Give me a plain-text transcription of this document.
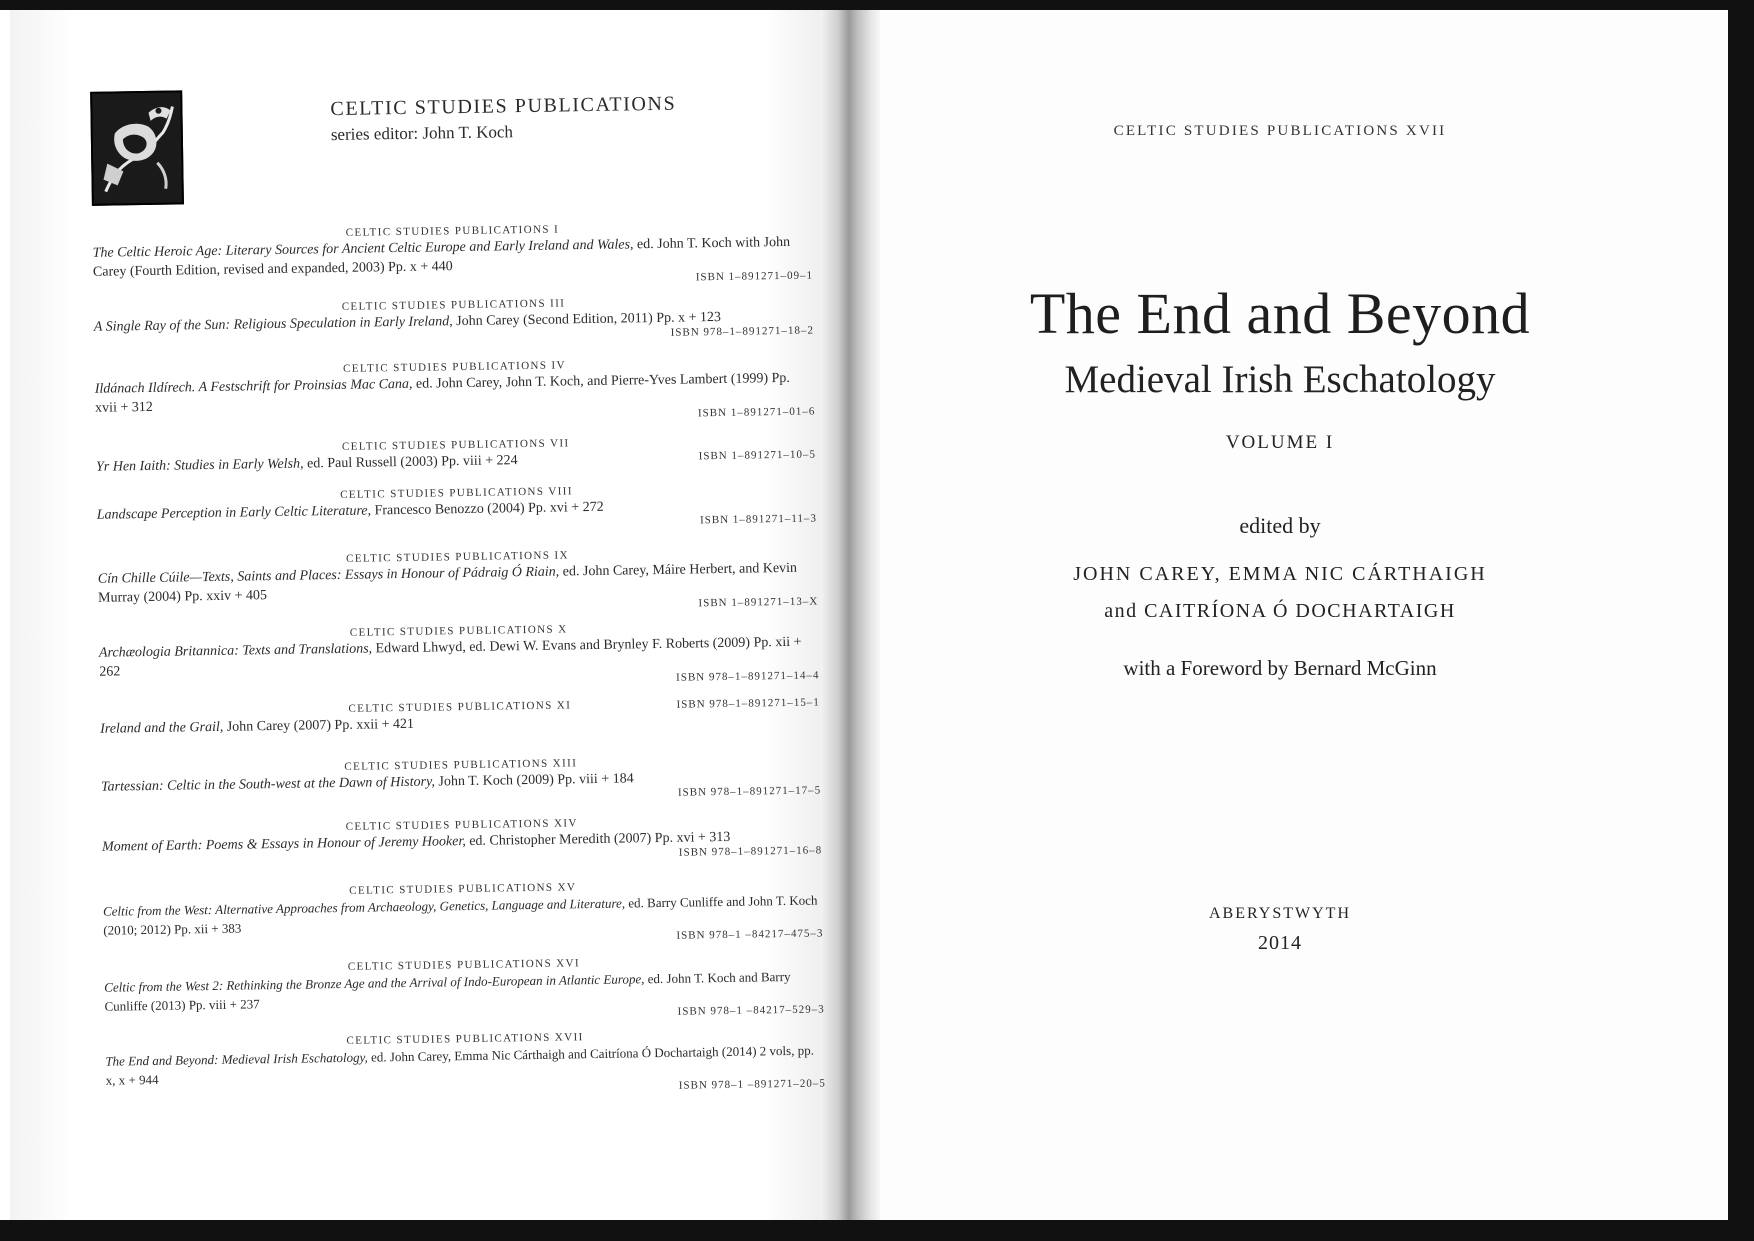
CELTIC STUDIES PUBLICATIONS

series editor: John T. Koch
CELTIC STUDIES PUBLICATIONS I
The Celtic Heroic Age: Literary Sources for Ancient Celtic Europe and Early Ireland and Wales, ed. John T. Koch with John Carey (Fourth Edition, revised and expanded, 2003) Pp. x + 440	ISBN 1–891271–09–1
CELTIC STUDIES PUBLICATIONS III
A Single Ray of the Sun: Religious Speculation in Early Ireland, John Carey (Second Edition, 2011) Pp. x + 123
ISBN 978–1–891271–18–2
CELTIC STUDIES PUBLICATIONS IV
Ildánach Ildírech. A Festschrift for Proinsias Mac Cana, ed. John Carey, John T. Koch, and Pierre-Yves Lambert (1999) Pp. xvii + 312	ISBN 1–891271–01–6
CELTIC STUDIES PUBLICATIONS VII
Yr Hen Iaith: Studies in Early Welsh, ed. Paul Russell (2003) Pp. viii + 224	ISBN 1–891271–10–5
CELTIC STUDIES PUBLICATIONS VIII
Landscape Perception in Early Celtic Literature, Francesco Benozzo (2004) Pp. xvi + 272
ISBN 1–891271–11–3
CELTIC STUDIES PUBLICATIONS IX
Cín Chille Cúile—Texts, Saints and Places: Essays in Honour of Pádraig Ó Riain, ed. John Carey, Máire Herbert, and Kevin Murray (2004) Pp. xxiv + 405	ISBN 1–891271–13–X
CELTIC STUDIES PUBLICATIONS X
Archæologia Britannica: Texts and Translations, Edward Lhwyd, ed. Dewi W. Evans and Brynley F. Roberts (2009) Pp. xii + 262	ISBN 978–1–891271–14–4
CELTIC STUDIES PUBLICATIONS XI
Ireland and the Grail, John Carey (2007) Pp. xxii + 421
ISBN 978–1–891271–15–1
CELTIC STUDIES PUBLICATIONS XIII
Tartessian: Celtic in the South-west at the Dawn of History, John T. Koch (2009) Pp. viii + 184
ISBN 978–1–891271–17–5
CELTIC STUDIES PUBLICATIONS XIV
Moment of Earth: Poems & Essays in Honour of Jeremy Hooker, ed. Christopher Meredith (2007) Pp. xvi + 313
ISBN 978–1–891271–16–8
CELTIC STUDIES PUBLICATIONS XV
Celtic from the West: Alternative Approaches from Archaeology, Genetics, Language and Literature, ed. Barry Cunliffe and John T. Koch (2010; 2012) Pp. xii + 383	ISBN 978–1 –84217–475–3
CELTIC STUDIES PUBLICATIONS XVI
Celtic from the West 2: Rethinking the Bronze Age and the Arrival of Indo-European in Atlantic Europe, ed. John T. Koch and Barry Cunliffe (2013) Pp. viii + 237	ISBN 978–1 –84217–529–3
CELTIC STUDIES PUBLICATIONS XVII
The End and Beyond: Medieval Irish Eschatology, ed. John Carey, Emma Nic Cárthaigh and Caitríona Ó Dochartaigh (2014) 2 vols, pp. x, x + 944	ISBN 978–1 –891271–20–5
CELTIC STUDIES PUBLICATIONS XVII
The End and Beyond
Medieval Irish Eschatology
VOLUME I
edited by
JOHN CAREY, EMMA NIC CÁRTHAIGH
and CAITRÍONA Ó DOCHARTAIGH
with a Foreword by Bernard McGinn
ABERYSTWYTH
2014
